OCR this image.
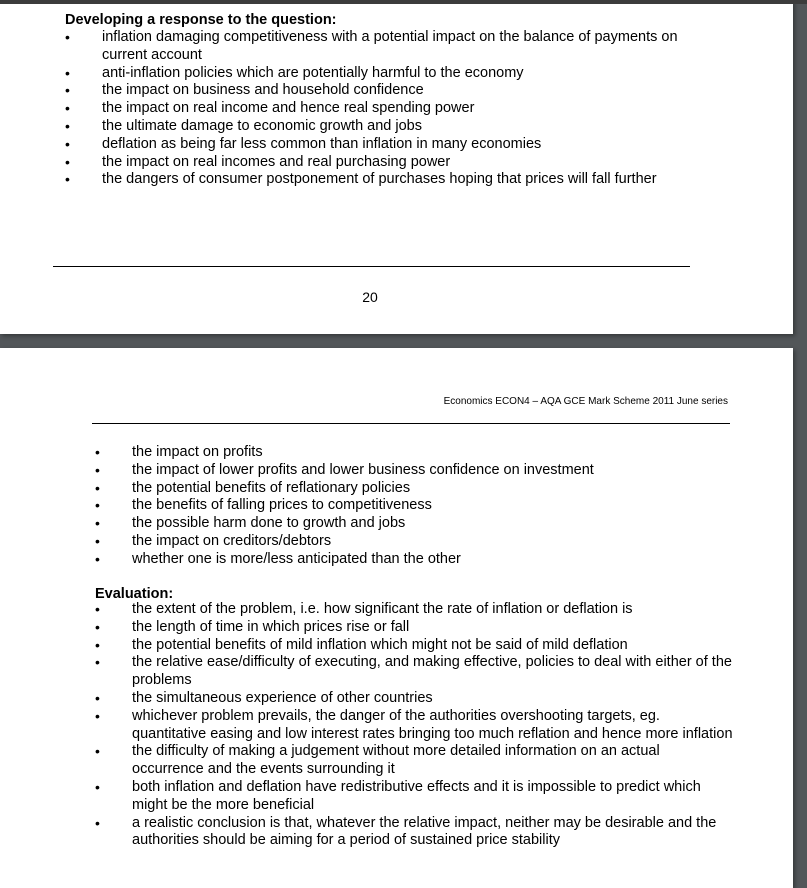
Developing a response to the question:

• inflation damaging competitiveness with a potential impact on the balance of payments on current account
• anti-inflation policies which are potentially harmful to the economy
• the impact on business and household confidence
• the impact on real income and hence real spending power
• the ultimate damage to economic growth and jobs
• deflation as being far less common than inflation in many economies
• the impact on real incomes and real purchasing power
• the dangers of consumer postponement of purchases hoping that prices will fall further
20
Economics ECON4 – AQA GCE Mark Scheme 2011 June series
• the impact on profits
• the impact of lower profits and lower business confidence on investment
• the potential benefits of reflationary policies
• the benefits of falling prices to competitiveness
• the possible harm done to growth and jobs
• the impact on creditors/debtors
• whether one is more/less anticipated than the other

Evaluation:

• the extent of the problem, i.e. how significant the rate of inflation or deflation is
• the length of time in which prices rise or fall
• the potential benefits of mild inflation which might not be said of mild deflation
• the relative ease/difficulty of executing, and making effective, policies to deal with either of the problems
• the simultaneous experience of other countries
• whichever problem prevails, the danger of the authorities overshooting targets, eg. quantitative easing and low interest rates bringing too much reflation and hence more inflation
• the difficulty of making a judgement without more detailed information on an actual occurrence and the events surrounding it
• both inflation and deflation have redistributive effects and it is impossible to predict which might be the more beneficial
• a realistic conclusion is that, whatever the relative impact, neither may be desirable and the authorities should be aiming for a period of sustained price stability
